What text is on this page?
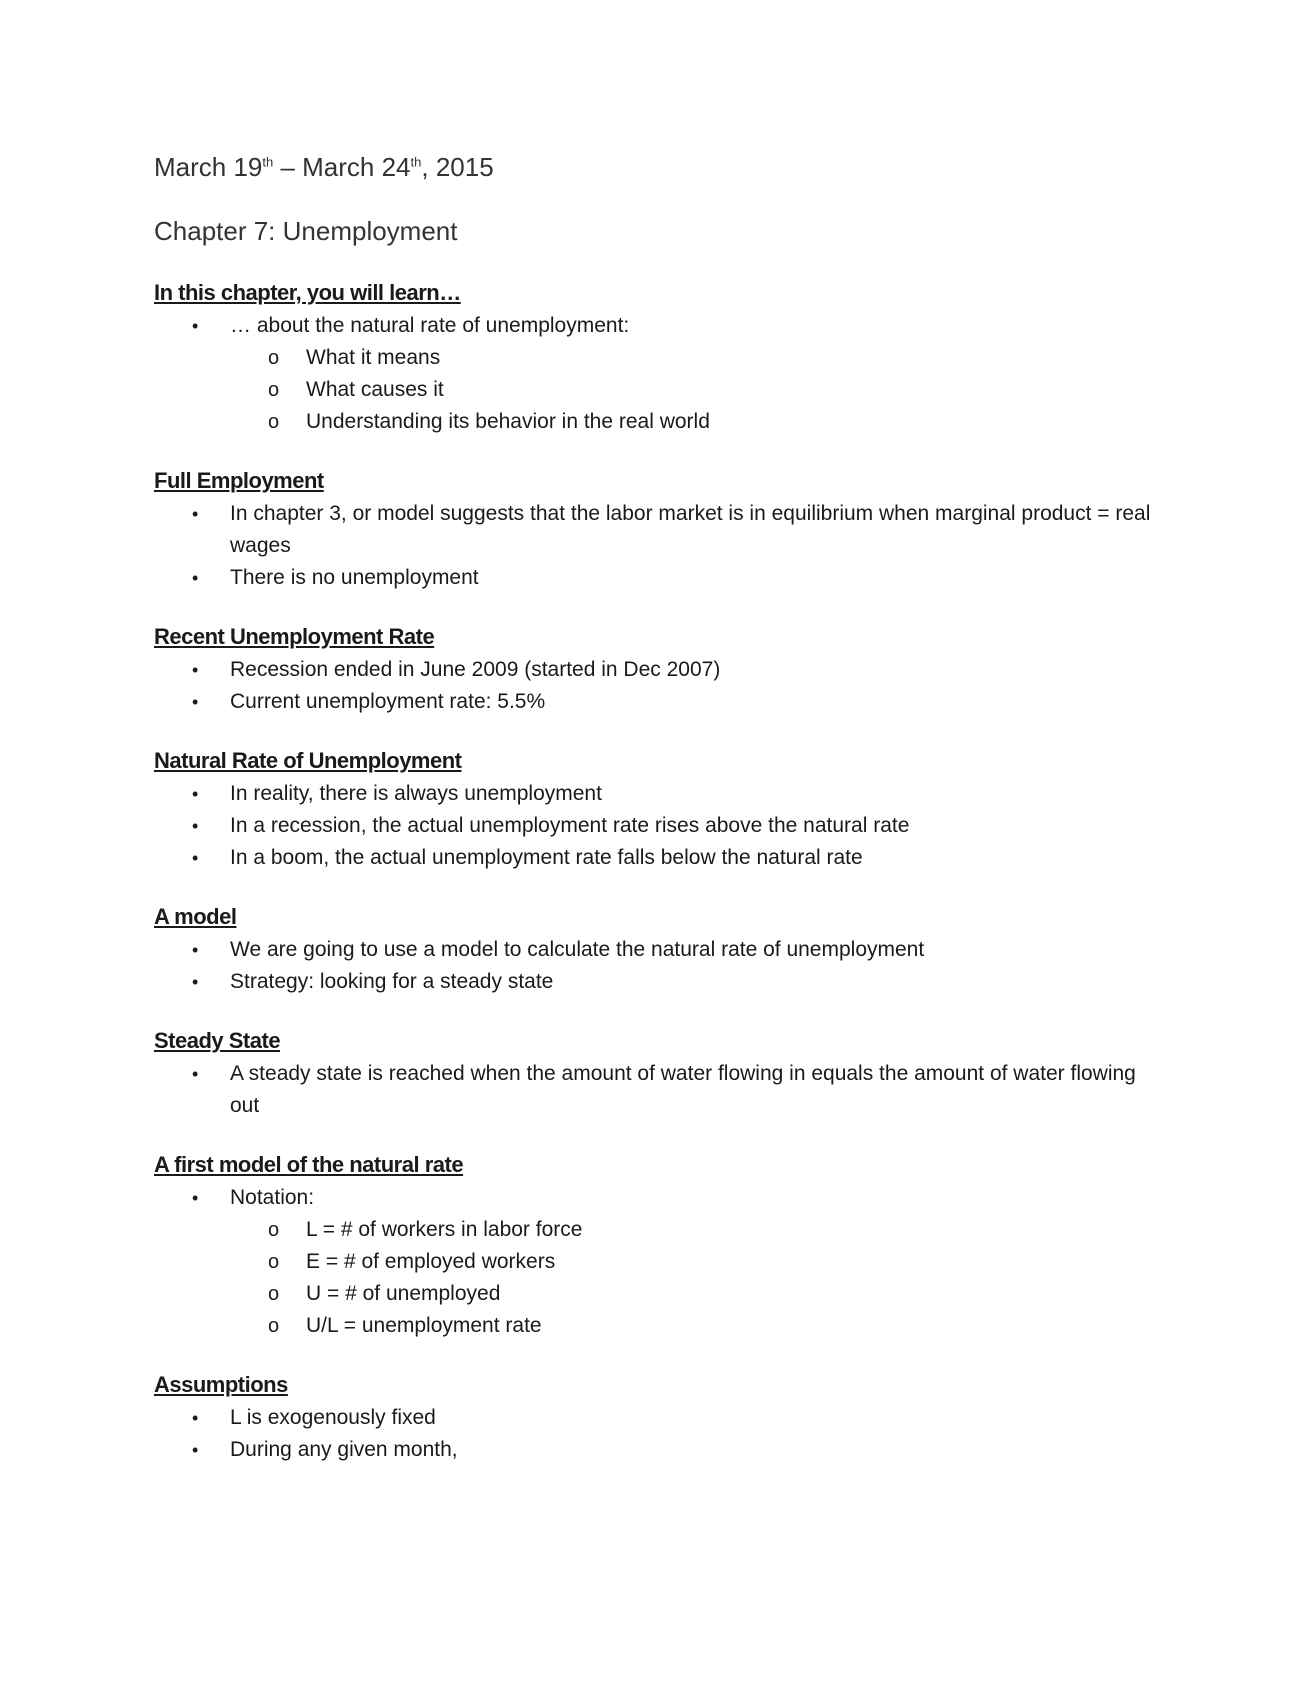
March 19th – March 24th, 2015
Chapter 7: Unemployment
In this chapter, you will learn…
• … about the natural rate of unemployment:
o What it means
o What causes it
o Understanding its behavior in the real world
Full Employment
• In chapter 3, or model suggests that the labor market is in equilibrium when marginal product = real wages
• There is no unemployment
Recent Unemployment Rate
• Recession ended in June 2009 (started in Dec 2007)
• Current unemployment rate: 5.5%
Natural Rate of Unemployment
• In reality, there is always unemployment
• In a recession, the actual unemployment rate rises above the natural rate
• In a boom, the actual unemployment rate falls below the natural rate
A model
• We are going to use a model to calculate the natural rate of unemployment
• Strategy: looking for a steady state
Steady State
• A steady state is reached when the amount of water flowing in equals the amount of water flowing out
A first model of the natural rate
• Notation:
o L = # of workers in labor force
o E = # of employed workers
o U = # of unemployed
o U/L = unemployment rate
Assumptions
• L is exogenously fixed
• During any given month,
